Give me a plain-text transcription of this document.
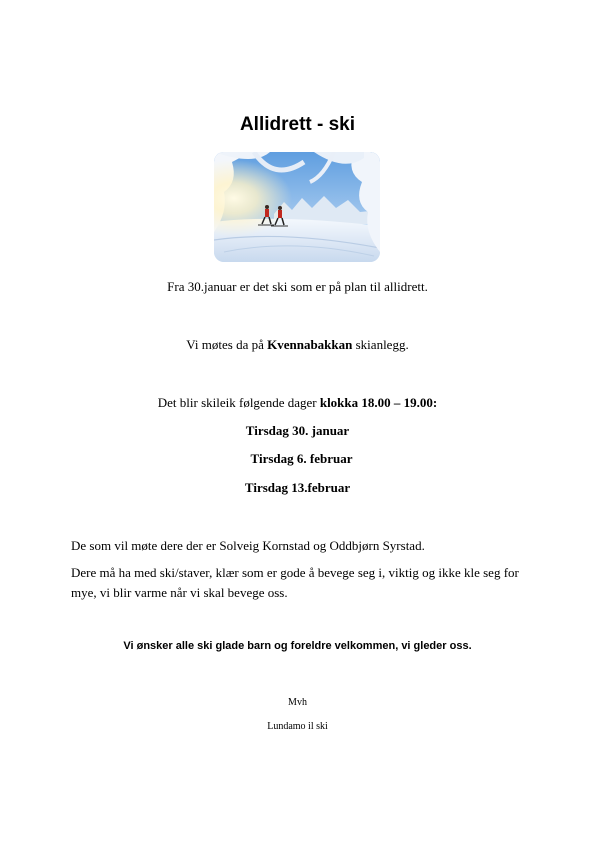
Allidrett - ski

Fra 30.januar er det ski som er på plan til allidrett.

Vi møtes da på Kvennabakkan skianlegg.

Det blir skileik følgende dager klokka 18.00 – 19.00:

Tirsdag 30. januar

Tirsdag 6. februar

Tirsdag 13.februar

De som vil møte dere der er Solveig Kornstad og Oddbjørn Syrstad.

Dere må ha med ski/staver, klær som er gode å bevege seg i, viktig og ikke kle seg for mye, vi blir varme når vi skal bevege oss.

Vi ønsker alle ski glade barn og foreldre velkommen, vi gleder oss.

Mvh

Lundamo il ski
